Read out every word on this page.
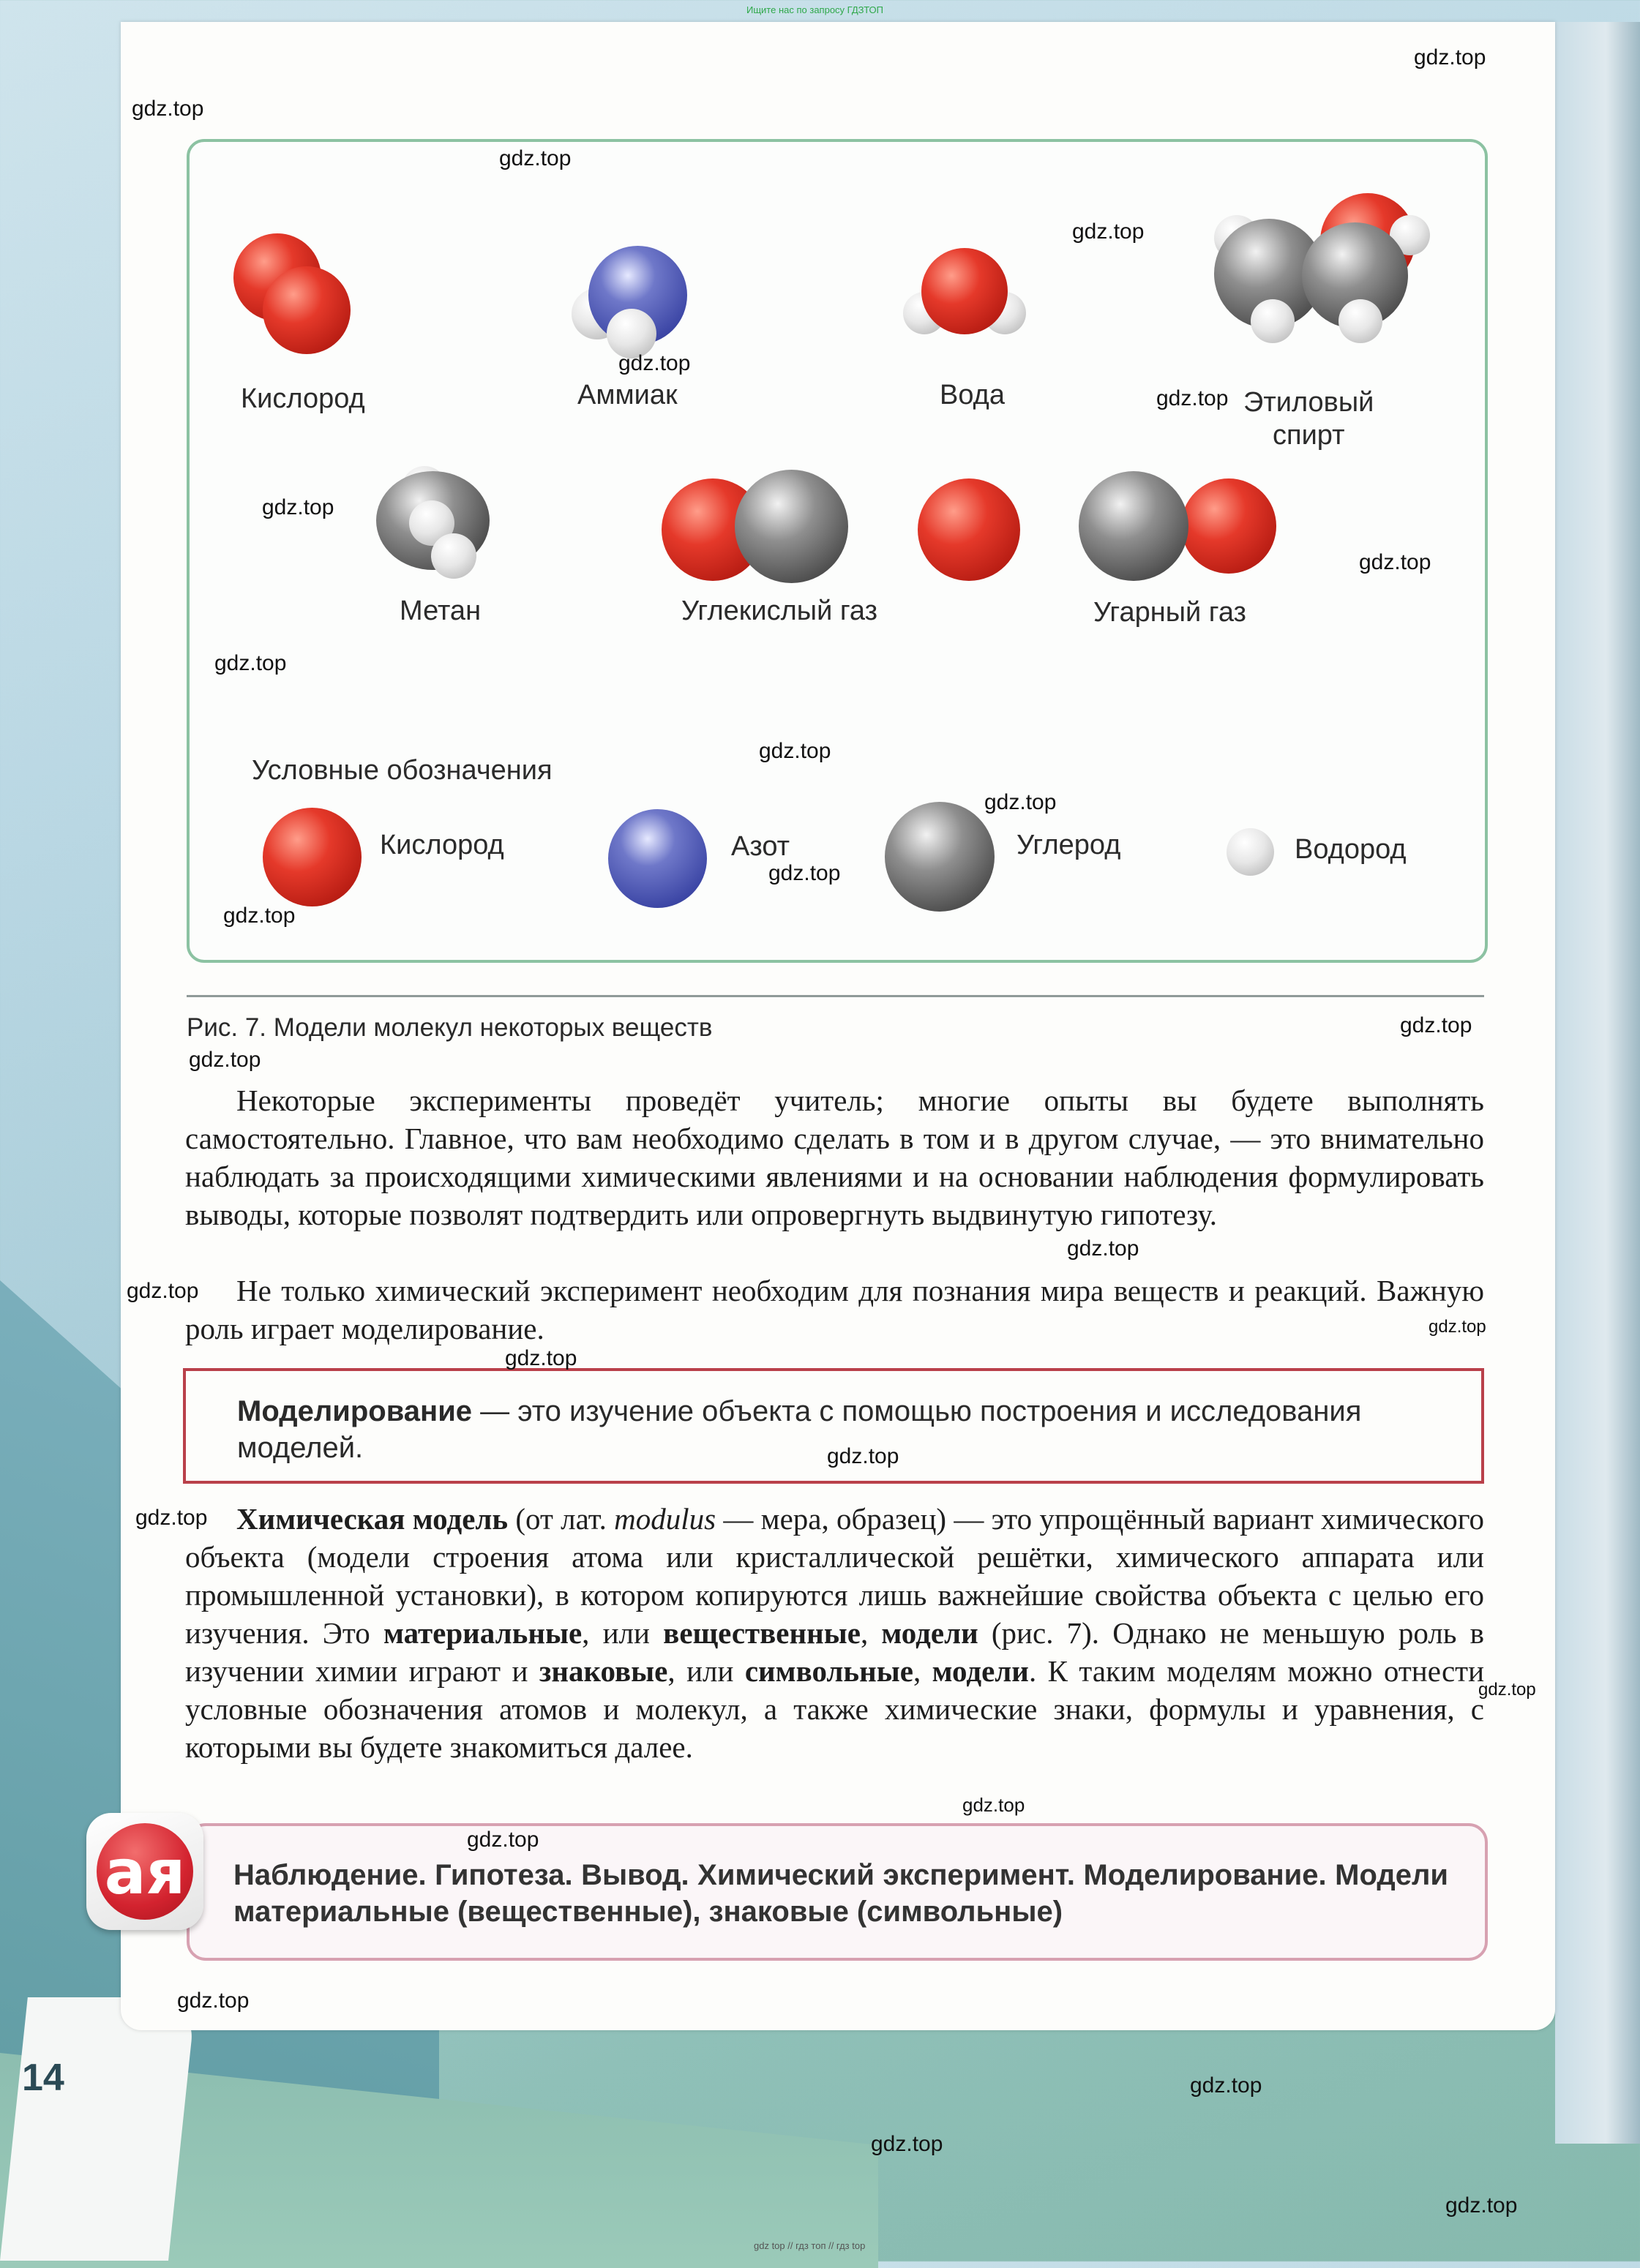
Ищите нас по запросу ГДЗТОП
gdz top // гдз топ // гдз top
Кислород	Аммиак	Вода	Этиловый
спирт
Метан	Углекислый газ	Угарный газ
Условные обозначения
Кислород	Азот	Углерод	Водород
Рис. 7. Модели молекул некоторых веществ
Некоторые эксперименты проведёт учитель; многие опыты вы будете выполнять самостоятельно. Главное, что вам необходимо сделать в том и в другом случае, — это внимательно наблюдать за происходящими химическими явлениями и на основании наблюдения формулировать выводы, которые позволят подтвердить или опровергнуть выдвинутую гипотезу.
Не только химический эксперимент необходим для познания мира веществ и реакций. Важную роль играет моделирование.
Моделирование — это изучение объекта с помощью построения и исследования моделей.
Химическая модель (от лат. modulus — мера, образец) — это упрощённый вариант химического объекта (модели строения атома или кристаллической решётки, химического аппарата или промышленной установки), в котором копируются лишь важнейшие свойства объекта с целью его изучения. Это материальные, или вещественные, модели (рис. 7). Однако не меньшую роль в изучении химии играют и знаковые, или символьные, модели. К таким моделям можно отнести условные обозначения атомов и молекул, а также химические знаки, формулы и уравнения, с которыми вы будете знакомиться далее.
Наблюдение. Гипотеза. Вывод. Химический эксперимент. Моделирование. Модели материальные (вещественные), знаковые (символьные)
ая
14
gdz.top
gdz.top
gdz.top
gdz.top
gdz.top
gdz.top
gdz.top
gdz.top
gdz.top
gdz.top
gdz.top
gdz.top
gdz.top
gdz.top
gdz.top
gdz.top
gdz.top
gdz.top
gdz.top
gdz.top
gdz.top
gdz.top
gdz.top
gdz.top
gdz.top
gdz.top
gdz.top
gdz.top
